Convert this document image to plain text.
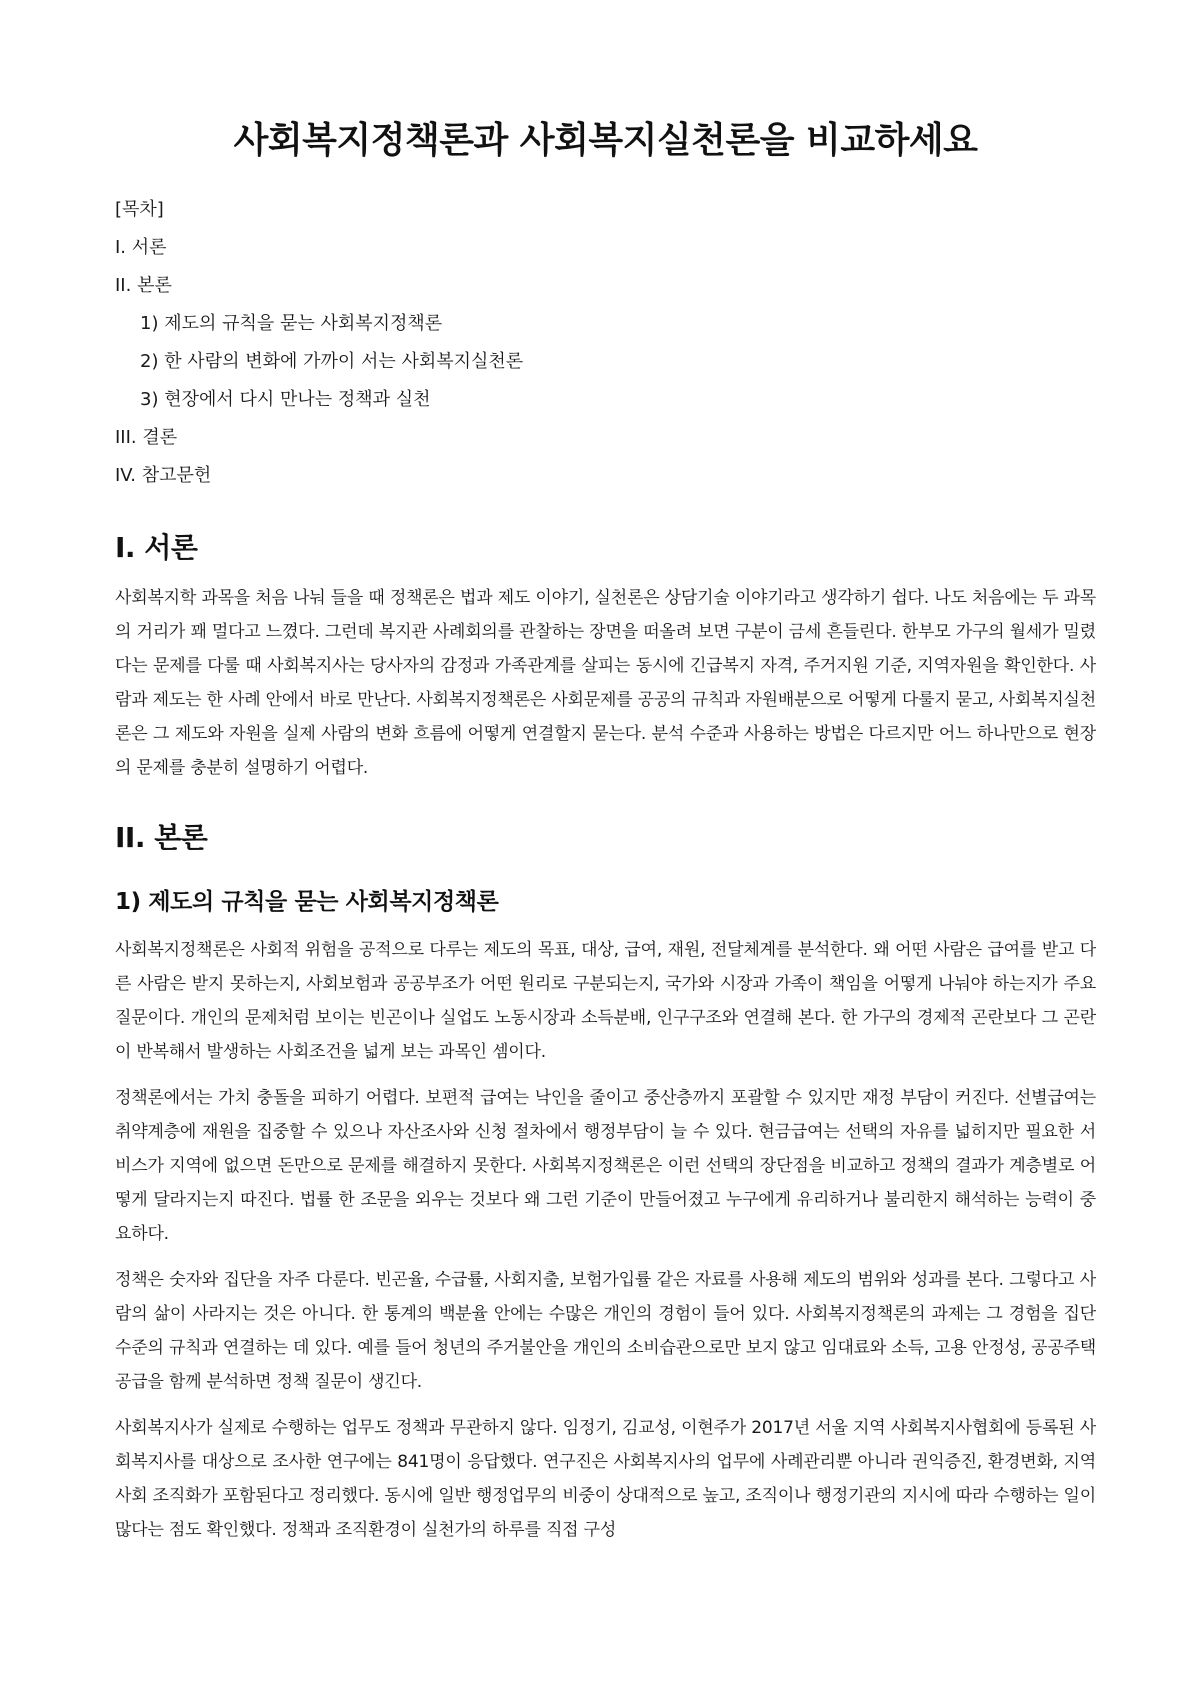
사회복지정책론과 사회복지실천론을 비교하세요

[목차]

I. 서론
II. 본론
1) 제도의 규칙을 묻는 사회복지정책론
2) 한 사람의 변화에 가까이 서는 사회복지실천론
3) 현장에서 다시 만나는 정책과 실천
III. 결론
IV. 참고문헌
I. 서론

사회복지학 과목을 처음 나눠 들을 때 정책론은 법과 제도 이야기, 실천론은 상담기술 이야기라고 생각하기 쉽다. 나도 처음에는 두 과목의 거리가 꽤 멀다고 느꼈다. 그런데 복지관 사례회의를 관찰하는 장면을 떠올려 보면 구분이 금세 흔들린다. 한부모 가구의 월세가 밀렸다는 문제를 다룰 때 사회복지사는 당사자의 감정과 가족관계를 살피는 동시에 긴급복지 자격, 주거지원 기준, 지역자원을 확인한다. 사람과 제도는 한 사례 안에서 바로 만난다. 사회복지정책론은 사회문제를 공공의 규칙과 자원배분으로 어떻게 다룰지 묻고, 사회복지실천론은 그 제도와 자원을 실제 사람의 변화 흐름에 어떻게 연결할지 묻는다. 분석 수준과 사용하는 방법은 다르지만 어느 하나만으로 현장의 문제를 충분히 설명하기 어렵다.

II. 본론
1) 제도의 규칙을 묻는 사회복지정책론

사회복지정책론은 사회적 위험을 공적으로 다루는 제도의 목표, 대상, 급여, 재원, 전달체계를 분석한다. 왜 어떤 사람은 급여를 받고 다른 사람은 받지 못하는지, 사회보험과 공공부조가 어떤 원리로 구분되는지, 국가와 시장과 가족이 책임을 어떻게 나눠야 하는지가 주요 질문이다. 개인의 문제처럼 보이는 빈곤이나 실업도 노동시장과 소득분배, 인구구조와 연결해 본다. 한 가구의 경제적 곤란보다 그 곤란이 반복해서 발생하는 사회조건을 넓게 보는 과목인 셈이다.

정책론에서는 가치 충돌을 피하기 어렵다. 보편적 급여는 낙인을 줄이고 중산층까지 포괄할 수 있지만 재정 부담이 커진다. 선별급여는 취약계층에 재원을 집중할 수 있으나 자산조사와 신청 절차에서 행정부담이 늘 수 있다. 현금급여는 선택의 자유를 넓히지만 필요한 서비스가 지역에 없으면 돈만으로 문제를 해결하지 못한다. 사회복지정책론은 이런 선택의 장단점을 비교하고 정책의 결과가 계층별로 어떻게 달라지는지 따진다. 법률 한 조문을 외우는 것보다 왜 그런 기준이 만들어졌고 누구에게 유리하거나 불리한지 해석하는 능력이 중요하다.

정책은 숫자와 집단을 자주 다룬다. 빈곤율, 수급률, 사회지출, 보험가입률 같은 자료를 사용해 제도의 범위와 성과를 본다. 그렇다고 사람의 삶이 사라지는 것은 아니다. 한 통계의 백분율 안에는 수많은 개인의 경험이 들어 있다. 사회복지정책론의 과제는 그 경험을 집단 수준의 규칙과 연결하는 데 있다. 예를 들어 청년의 주거불안을 개인의 소비습관으로만 보지 않고 임대료와 소득, 고용 안정성, 공공주택 공급을 함께 분석하면 정책 질문이 생긴다.

사회복지사가 실제로 수행하는 업무도 정책과 무관하지 않다. 임정기, 김교성, 이현주가 2017년 서울 지역 사회복지사협회에 등록된 사회복지사를 대상으로 조사한 연구에는 841명이 응답했다. 연구진은 사회복지사의 업무에 사례관리뿐 아니라 권익증진, 환경변화, 지역사회 조직화가 포함된다고 정리했다. 동시에 일반 행정업무의 비중이 상대적으로 높고, 조직이나 행정기관의 지시에 따라 수행하는 일이 많다는 점도 확인했다. 정책과 조직환경이 실천가의 하루를 직접 구성
